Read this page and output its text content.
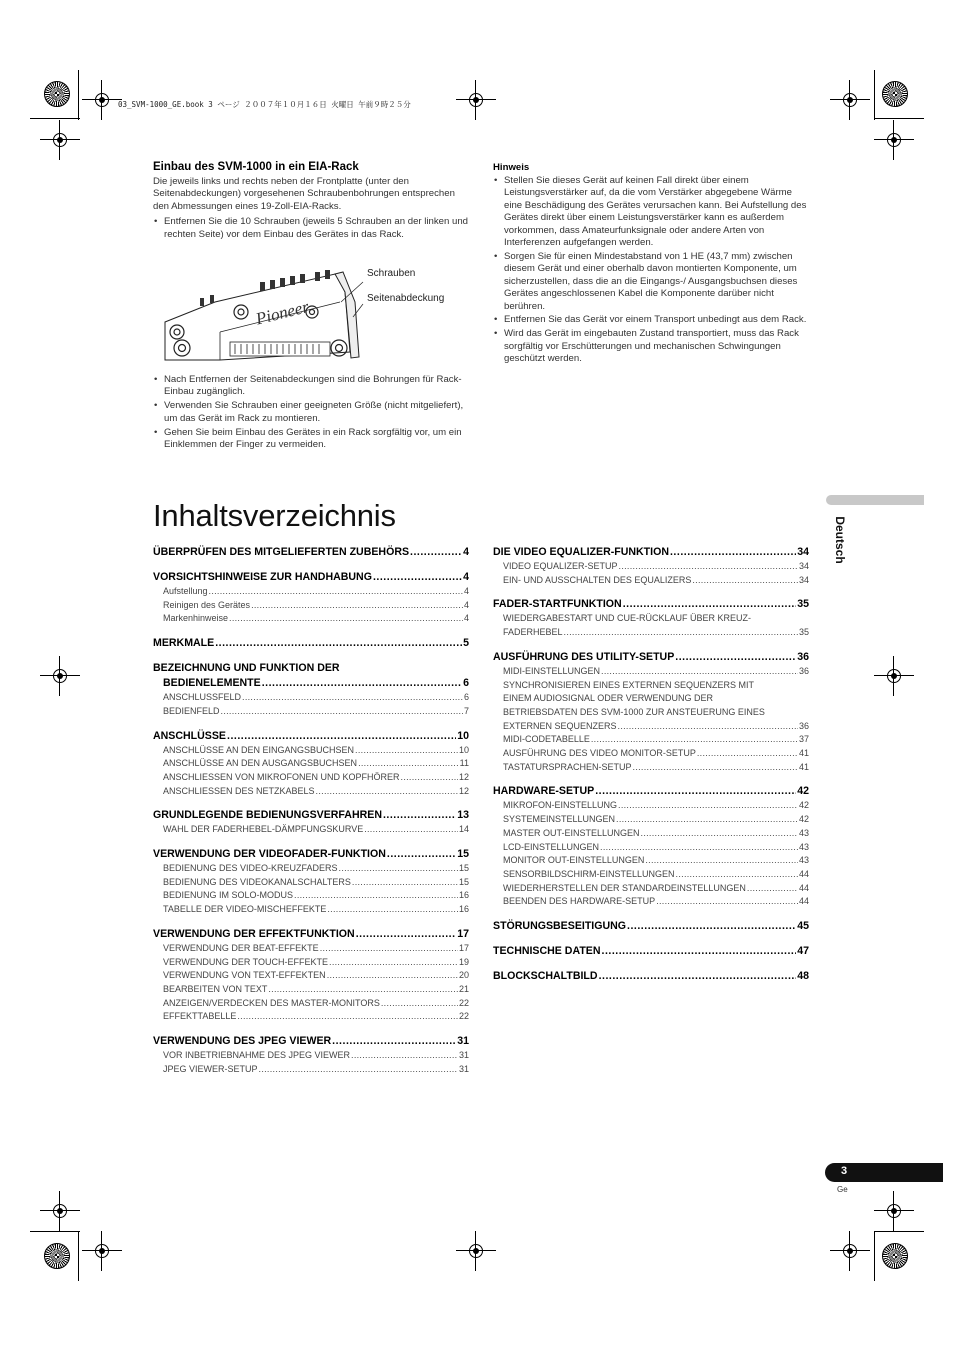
03_SVM-1000_GE.book 3 ページ ２００７年１０月１６日 火曜日 午前９時２５分
Einbau des SVM-1000 in ein EIA-Rack

Die jeweils links und rechts neben der Frontplatte (unter den Seitenabdeckungen) vorgesehenen Schraubenbohrungen entsprechen den Abmessungen eines 19-Zoll-EIA-Racks.

• Entfernen Sie die 10 Schrauben (jeweils 5 Schrauben an der linken und rechten Seite) vor dem Einbau des Gerätes in das Rack.
Pioneer
Schrauben
Seitenabdeckung
• Nach Entfernen der Seitenabdeckungen sind die Bohrungen für Rack-Einbau zugänglich.
• Verwenden Sie Schrauben einer geeigneten Größe (nicht mitgeliefert), um das Gerät im Rack zu montieren.
• Gehen Sie beim Einbau des Gerätes in ein Rack sorgfältig vor, um ein Einklemmen der Finger zu vermeiden.
Hinweis
• Stellen Sie dieses Gerät auf keinen Fall direkt über einem Leistungsverstärker auf, da die vom Verstärker abgegebene Wärme eine Beschädigung des Gerätes verursachen kann. Bei Aufstellung des Gerätes direkt über einem Leistungsverstärker kann es außerdem vorkommen, dass Amateurfunksignale oder andere Arten von Interferenzen aufgefangen werden.
• Sorgen Sie für einen Mindestabstand von 1 HE (43,7 mm) zwischen diesem Gerät und einer oberhalb davon montierten Komponente, um sicherzustellen, dass die an die Eingangs-/ Ausgangsbuchsen dieses Gerätes angeschlossenen Kabel die Komponente darüber nicht berühren.
• Entfernen Sie das Gerät vor einem Transport unbedingt aus dem Rack.
• Wird das Gerät im eingebauten Zustand transportiert, muss das Rack sorgfältig vor Erschütterungen und mechanischen Schwingungen geschützt werden.
Deutsch
Inhaltsverzeichnis
ÜBERPRÜFEN DES MITGELIEFERTEN ZUBEHÖRS .....	4
VORSICHTSHINWEISE ZUR HANDHABUNG .....	4
Aufstellung .....	4
Reinigen des Gerätes .....	4
Markenhinweise .....	4
MERKMALE .....	5
BEZEICHNUNG UND FUNKTION DER
BEDIENELEMENTE .....	6
ANSCHLUSSFELD .....	6
BEDIENFELD .....	7
ANSCHLÜSSE .....	10
ANSCHLÜSSE AN DEN EINGANGSBUCHSEN .....	10
ANSCHLÜSSE AN DEN AUSGANGSBUCHSEN .....	11
ANSCHLIESSEN VON MIKROFONEN UND KOPFHÖRER .....	12
ANSCHLIESSEN DES NETZKABELS .....	12
GRUNDLEGENDE BEDIENUNGSVERFAHREN .....	13
WAHL DER FADERHEBEL-DÄMPFUNGSKURVE .....	14
VERWENDUNG DER VIDEOFADER-FUNKTION .....	15
BEDIENUNG DES VIDEO-KREUZFADERS .....	15
BEDIENUNG DES VIDEOKANALSCHALTERS .....	15
BEDIENUNG IM SOLO-MODUS .....	16
TABELLE DER VIDEO-MISCHEFFEKTE .....	16
VERWENDUNG DER EFFEKTFUNKTION .....	17
VERWENDUNG DER BEAT-EFFEKTE .....	17
VERWENDUNG DER TOUCH-EFFEKTE .....	19
VERWENDUNG VON TEXT-EFFEKTEN .....	20
BEARBEITEN VON TEXT .....	21
ANZEIGEN/VERDECKEN DES MASTER-MONITORS .....	22
EFFEKTTABELLE .....	22
VERWENDUNG DES JPEG VIEWER .....	31
VOR INBETRIEBNAHME DES JPEG VIEWER .....	31
JPEG VIEWER-SETUP .....	31
DIE VIDEO EQUALIZER-FUNKTION .....	34
VIDEO EQUALIZER-SETUP .....	34
EIN- UND AUSSCHALTEN DES EQUALIZERS .....	34
FADER-STARTFUNKTION .....	35
WIEDERGABESTART UND CUE-RÜCKLAUF ÜBER KREUZ-
FADERHEBEL .....	35
AUSFÜHRUNG DES UTILITY-SETUP .....	36
MIDI-EINSTELLUNGEN .....	36
SYNCHRONISIEREN EINES EXTERNEN SEQUENZERS MIT
EINEM AUDIOSIGNAL ODER VERWENDUNG DER
BETRIEBSDATEN DES SVM-1000 ZUR ANSTEUERUNG EINES
EXTERNEN SEQUENZERS .....	36
MIDI-CODETABELLE .....	37
AUSFÜHRUNG DES VIDEO MONITOR-SETUP .....	41
TASTATURSPRACHEN-SETUP .....	41
HARDWARE-SETUP .....	42
MIKROFON-EINSTELLUNG .....	42
SYSTEMEINSTELLUNGEN .....	42
MASTER OUT-EINSTELLUNGEN .....	43
LCD-EINSTELLUNGEN .....	43
MONITOR OUT-EINSTELLUNGEN .....	43
SENSORBILDSCHIRM-EINSTELLUNGEN .....	44
WIEDERHERSTELLEN DER STANDARDEINSTELLUNGEN .....	44
BEENDEN DES HARDWARE-SETUP .....	44
STÖRUNGSBESEITIGUNG .....	45
TECHNISCHE DATEN .....	47
BLOCKSCHALTBILD .....	48
3
Ge
